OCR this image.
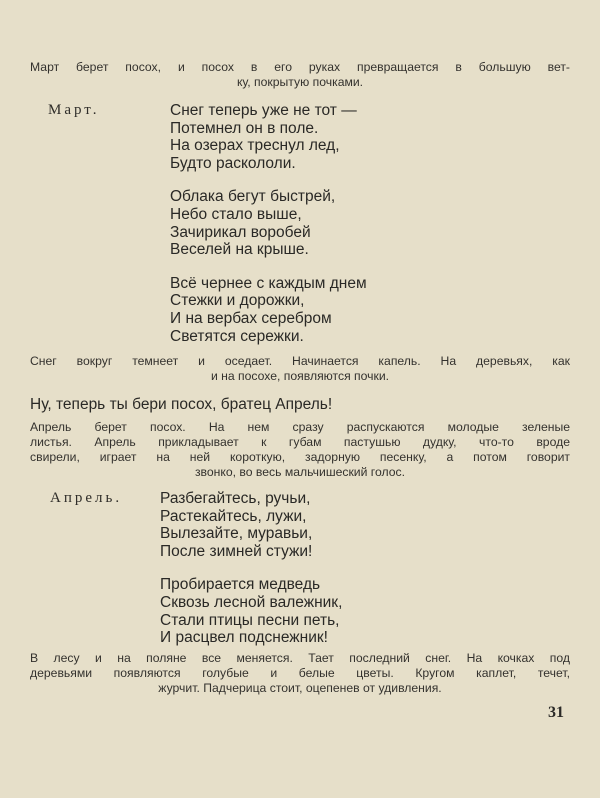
Март берет посох, и посох в его руках превращается в большую вет-
ку, покрытую почками.
Март.	Снег теперь уже не тот —
Потемнел он в поле.
На озерах треснул лед,
Будто раскололи.
Облака бегут быстрей,
Небо стало выше,
Зачирикал воробей
Веселей на крыше.
Всё чернее с каждым днем
Стежки и дорожки,
И на вербах серебром
Светятся сережки.
Снег вокруг темнеет и оседает. Начинается капель. На деревьях, как
и на посохе, появляются почки.
Ну, теперь ты бери посох, братец Апрель!
Апрель берет посох. На нем сразу распускаются молодые зеленые
листья. Апрель прикладывает к губам пастушью дудку, что-то вроде
свирели, играет на ней короткую, задорную песенку, а потом говорит
звонко, во весь мальчишеский голос.
Апрель. Разбегайтесь, ручьи,
Растекайтесь, лужи,
Вылезайте, муравьи,
После зимней стужи!
Пробирается медведь
Сквозь лесной валежник,
Стали птицы песни петь,
И расцвел подснежник!
В лесу и на поляне все меняется. Тает последний снег. На кочках под
деревьями появляются голубые и белые цветы. Кругом каплет, течет,
журчит. Падчерица стоит, оцепенев от удивления.
31
